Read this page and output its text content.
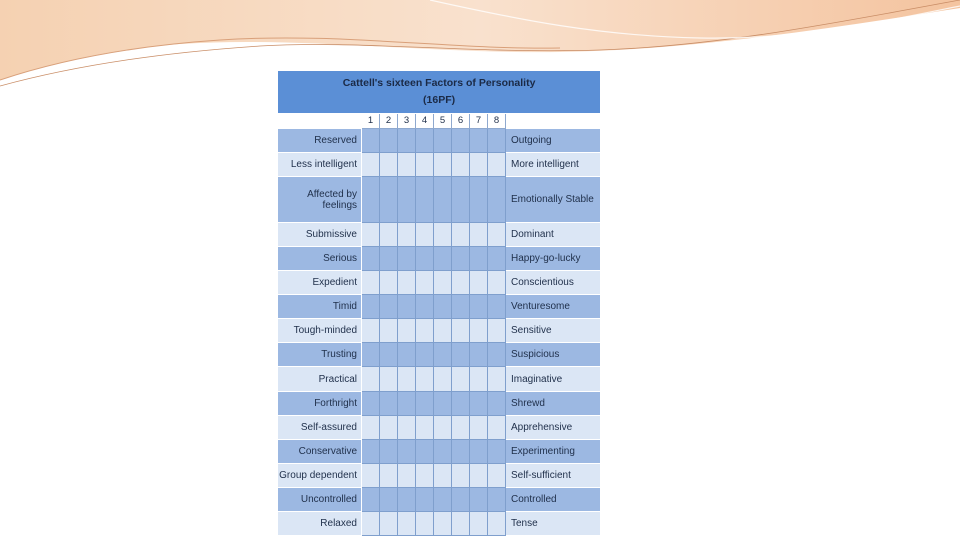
Cattell's sixteen Factors of Personality
(16PF)									
	1	2	3	4	5	6	7	8	
Reserved									Outgoing
Less intelligent									More intelligent
Affected by feelings									Emotionally Stable
Submissive									Dominant
Serious									Happy-go-lucky
Expedient									Conscientious
Timid									Venturesome
Tough-minded									Sensitive
Trusting									Suspicious
Practical									Imaginative
Forthright									Shrewd
Self-assured									Apprehensive
Conservative									Experimenting
Group dependent									Self-sufficient
Uncontrolled									Controlled
Relaxed									Tense
